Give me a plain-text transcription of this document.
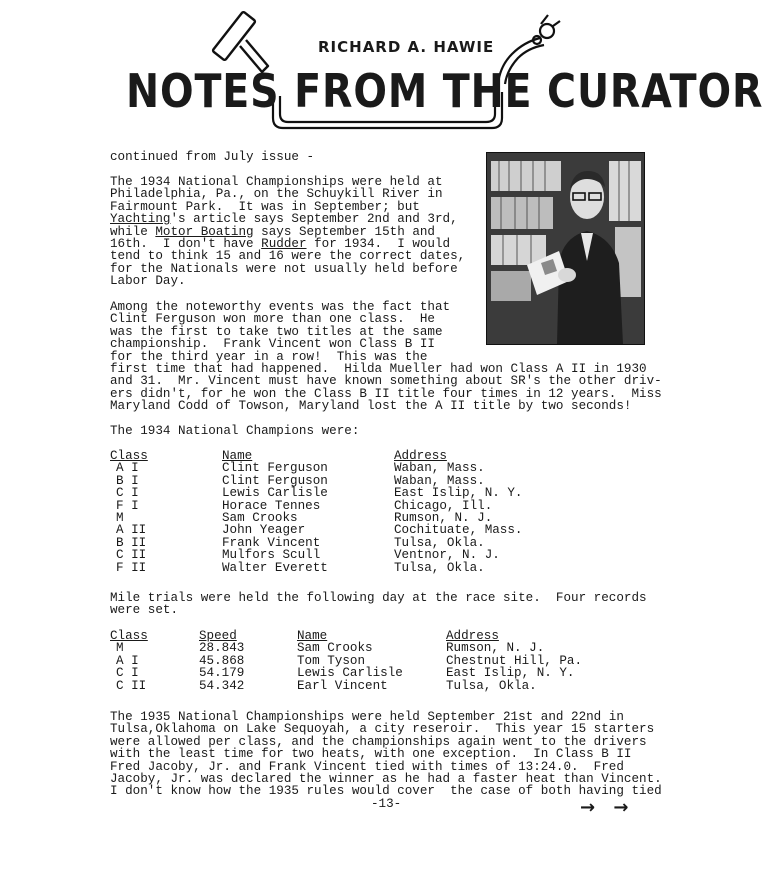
RICHARD A. HAWIE
NOTES FROM THE CURATOR
continued from July issue -
The 1934 National Championships were held at
Philadelphia, Pa., on the Schuykill River in
Fairmount Park.  It was in September; but
Yachting's article says September 2nd and 3rd,
while Motor Boating says September 15th and
16th.  I don't have Rudder for 1934.  I would
tend to think 15 and 16 were the correct dates,
for the Nationals were not usually held before
Labor Day.
Among the noteworthy events was the fact that
Clint Ferguson won more than one class.  He
was the first to take two titles at the same
championship.  Frank Vincent won Class B II
for the third year in a row!  This was the
first time that had happened.  Hilda Mueller had won Class A II in 1930
and 31.  Mr. Vincent must have known something about SR's the other driv-
ers didn't, for he won the Class B II title four times in 12 years.  Miss
Maryland Codd of Towson, Maryland lost the A II title by two seconds!
The 1934 National Champions were:
Class	Name	Address
A I	Clint Ferguson	Waban, Mass.
B I	Clint Ferguson	Waban, Mass.
C I	Lewis Carlisle	East Islip, N. Y.
F I	Horace Tennes	Chicago, Ill.
M	Sam Crooks	Rumson, N. J.
A II	John Yeager	Cochituate, Mass.
B II	Frank Vincent	Tulsa, Okla.
C II	Mulfors Scull	Ventnor, N. J.
F II	Walter Everett	Tulsa, Okla.
Mile trials were held the following day at the race site.  Four records
were set.
Class	Speed	Name	Address
M	28.843	Sam Crooks	Rumson, N. J.
A I	45.868	Tom Tyson	Chestnut Hill, Pa.
C I	54.179	Lewis Carlisle	East Islip, N. Y.
C II	54.342	Earl Vincent	Tulsa, Okla.
The 1935 National Championships were held September 21st and 22nd in
Tulsa,Oklahoma on Lake Sequoyah, a city reseroir.  This year 15 starters
were allowed per class, and the championships again went to the drivers
with the least time for two heats, with one exception.  In Class B II
Fred Jacoby, Jr. and Frank Vincent tied with times of 13:24.0.  Fred
Jacoby, Jr. was declared the winner as he had a faster heat than Vincent.
I don't know how the 1935 rules would cover  the case of both having tied
-13-	→ →
